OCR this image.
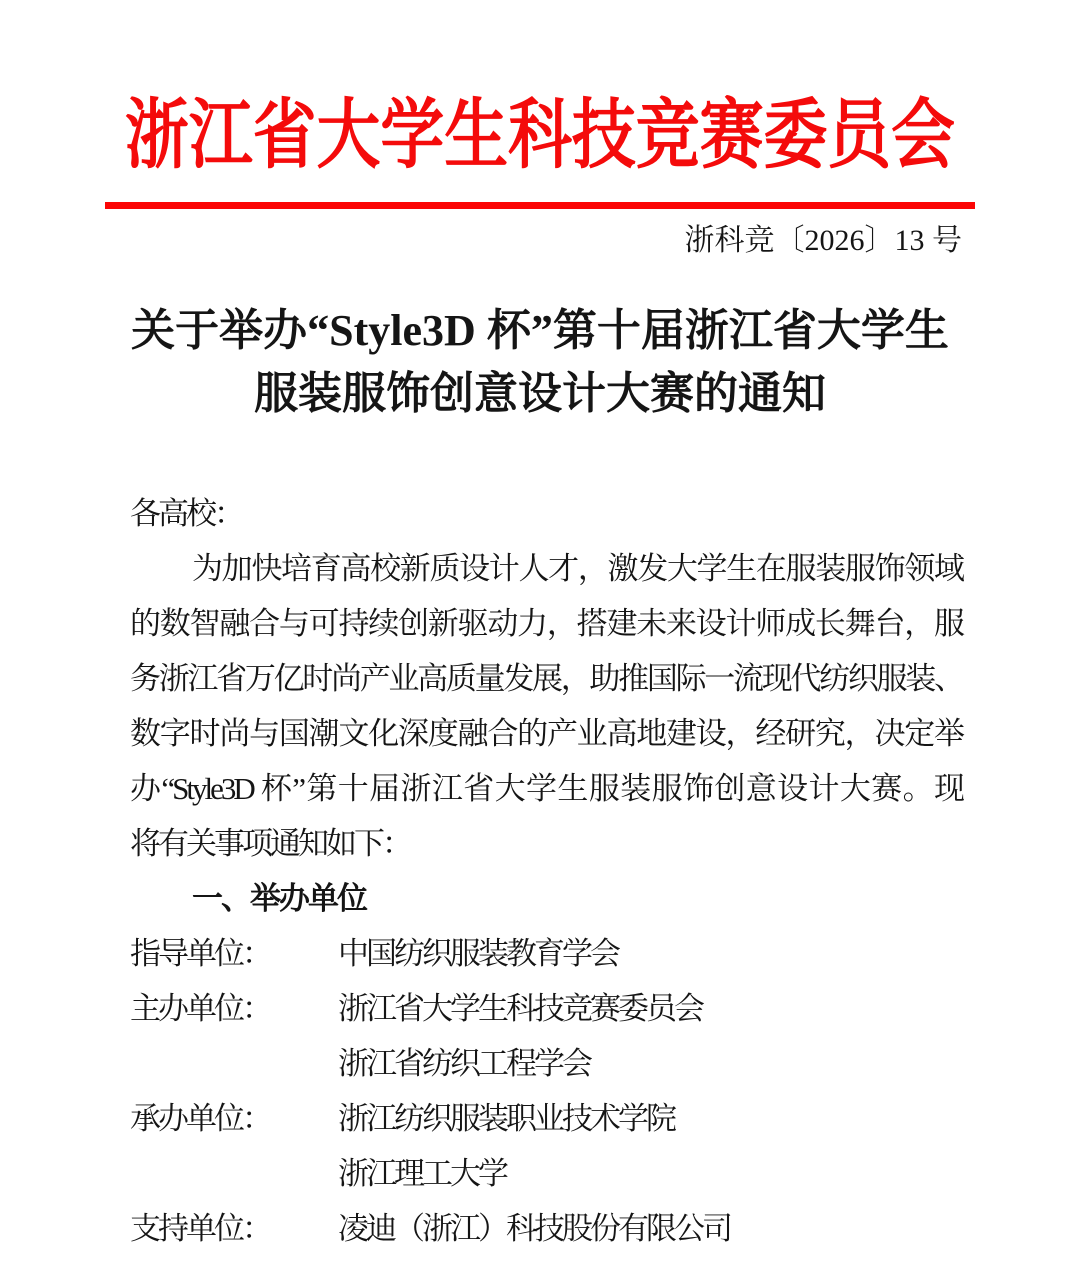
浙江省大学生科技竞赛委员会
浙科竞〔2026〕13 号
关于举办“Style3D 杯”第十届浙江省大学生
服装服饰创意设计大赛的通知
各高校：
为加快培育高校新质设计人才，激发大学生在服装服饰领域
的数智融合与可持续创新驱动力，搭建未来设计师成长舞台，服
务浙江省万亿时尚产业高质量发展，助推国际一流现代纺织服装、
数字时尚与国潮文化深度融合的产业高地建设，经研究，决定举
办“Style3D 杯”第十届浙江省大学生服装服饰创意设计大赛。现
将有关事项通知如下：
一、举办单位
指导单位： 中国纺织服装教育学会
主办单位： 浙江省大学生科技竞赛委员会
浙江省纺织工程学会
承办单位： 浙江纺织服装职业技术学院
浙江理工大学
支持单位： 凌迪（浙江）科技股份有限公司
